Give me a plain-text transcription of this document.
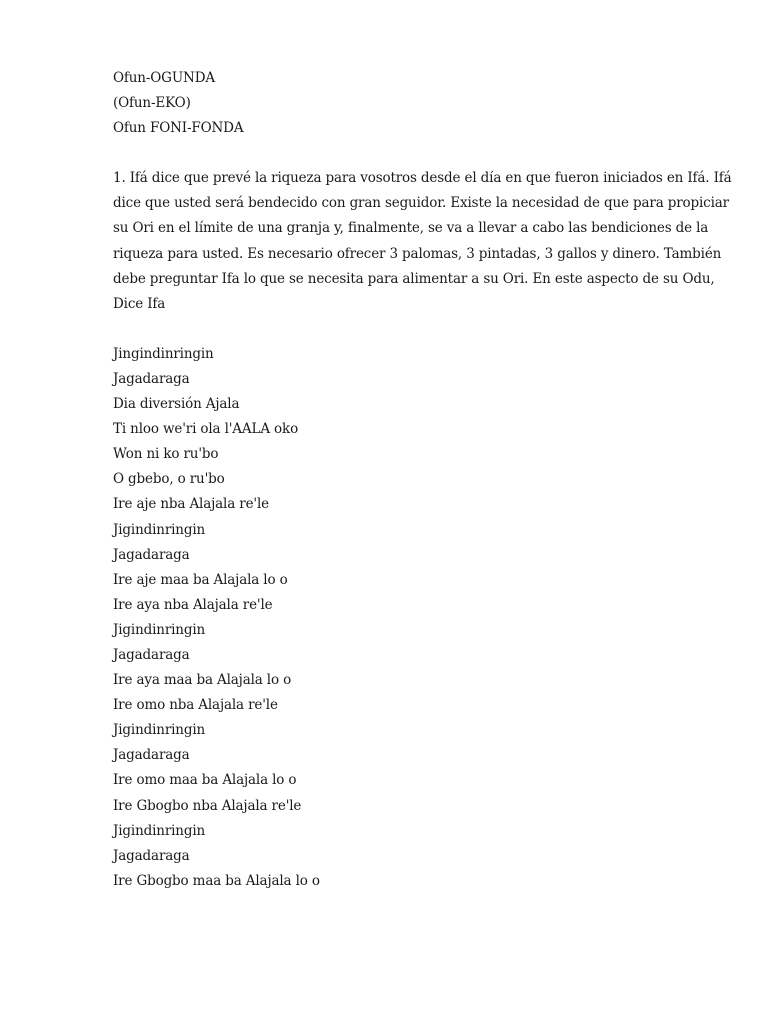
Ofun-OGUNDA
(Ofun-EKO)
Ofun FONI-FONDA

1. Ifá dice que prevé la riqueza para vosotros desde el día en que fueron iniciados en Ifá. Ifá
dice que usted será bendecido con gran seguidor. Existe la necesidad de que para propiciar
su Ori en el límite de una granja y, finalmente, se va a llevar a cabo las bendiciones de la
riqueza para usted. Es necesario ofrecer 3 palomas, 3 pintadas, 3 gallos y dinero. También
debe preguntar Ifa lo que se necesita para alimentar a su Ori. En este aspecto de su Odu,
Dice Ifa

Jingindinringin
Jagadaraga
Dia diversión Ajala
Ti nloo we'ri ola l'AALA oko
Won ni ko ru'bo
O gbebo, o ru'bo
Ire aje nba Alajala re'le
Jigindinringin
Jagadaraga
Ire aje maa ba Alajala lo o
Ire aya nba Alajala re'le
Jigindinringin
Jagadaraga
Ire aya maa ba Alajala lo o
Ire omo nba Alajala re'le
Jigindinringin
Jagadaraga
Ire omo maa ba Alajala lo o
Ire Gbogbo nba Alajala re'le
Jigindinringin
Jagadaraga
Ire Gbogbo maa ba Alajala lo o
